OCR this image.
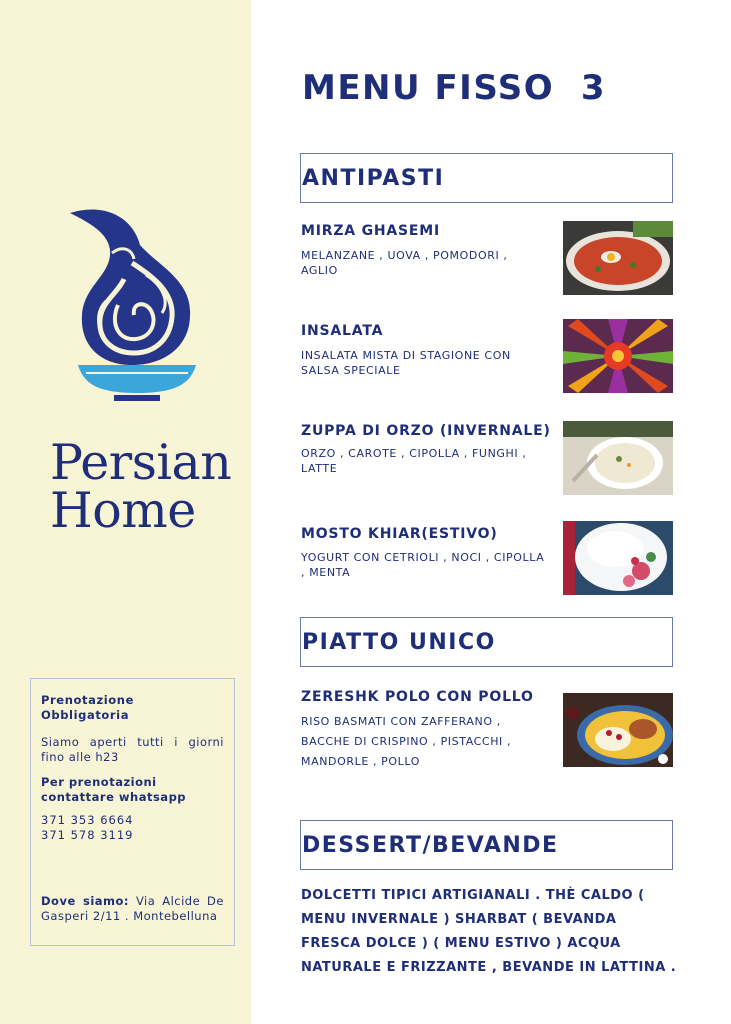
Persian
Home
Prenotazione Obbligatoria
Siamo aperti tutti i giorni fino alle h23
Per prenotazioni contattare whatsapp
371 353 6664
371 578 3119
Dove siamo: Via Alcide De Gasperi 2/11 . Montebelluna
MENU FISSO  3
ANTIPASTI
MIRZA GHASEMI
MELANZANE , UOVA , POMODORI , AGLIO
INSALATA
INSALATA MISTA DI STAGIONE CON SALSA SPECIALE
ZUPPA DI ORZO (INVERNALE)
ORZO , CAROTE , CIPOLLA , FUNGHI , LATTE
MOSTO KHIAR(ESTIVO)
YOGURT CON CETRIOLI , NOCI , CIPOLLA , MENTA
PIATTO UNICO
ZERESHK POLO CON POLLO
RISO BASMATI CON ZAFFERANO , BACCHE DI CRISPINO , PISTACCHI , MANDORLE , POLLO
DESSERT/BEVANDE
DOLCETTI TIPICI ARTIGIANALI . THÈ CALDO ( MENU INVERNALE ) SHARBAT ( BEVANDA FRESCA DOLCE ) ( MENU ESTIVO ) ACQUA NATURALE E FRIZZANTE , BEVANDE IN LATTINA .
